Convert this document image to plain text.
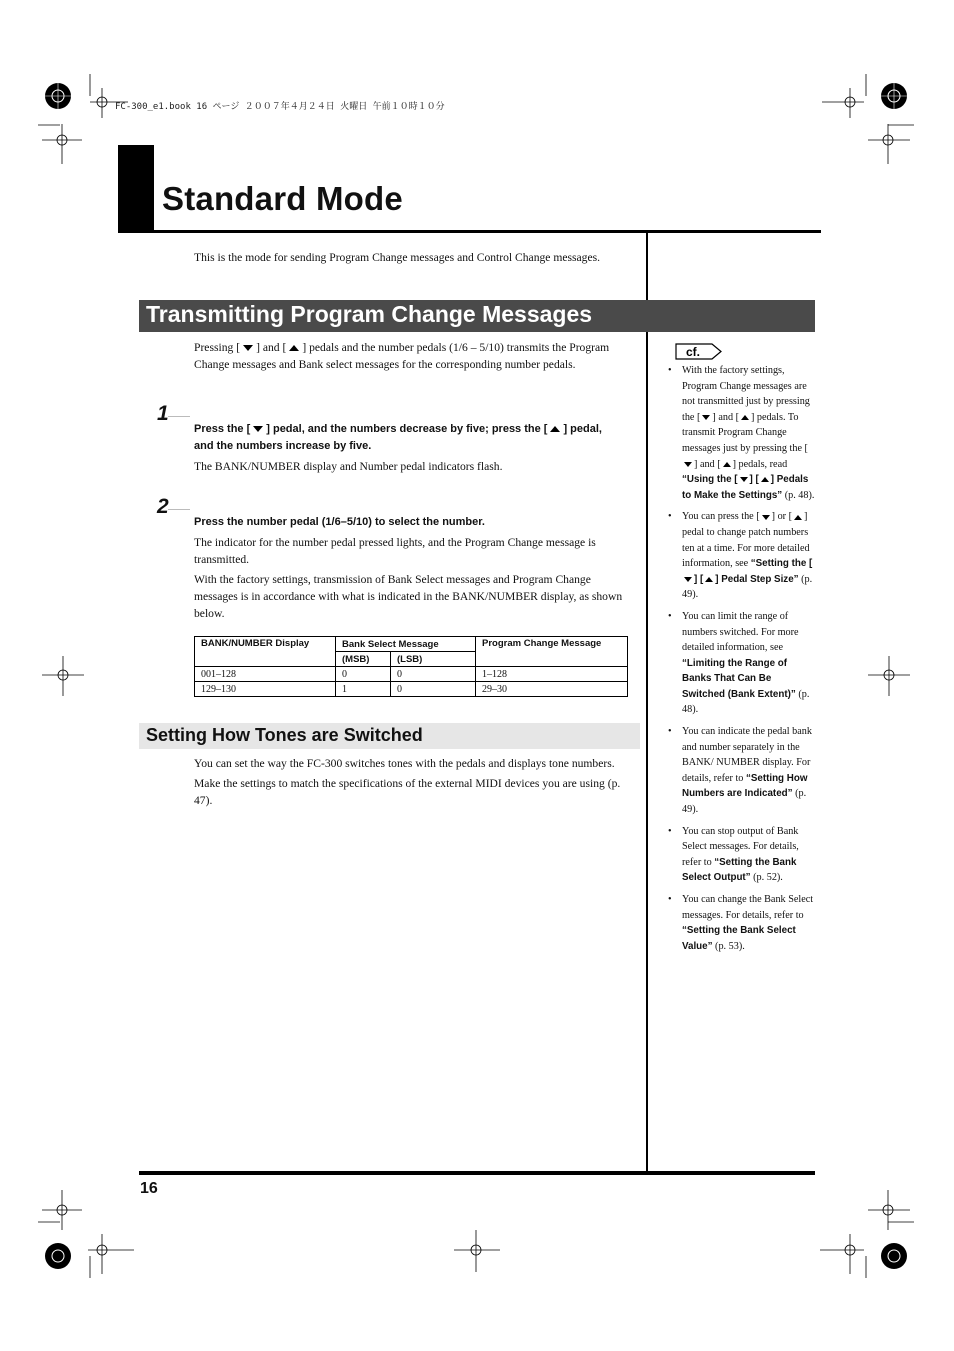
FC-300_e1.book 16 ページ ２００７年４月２４日 火曜日 午前１０時１０分
Standard Mode
16

This is the mode for sending Program Change messages and Control Change messages.

Transmitting Program Change Messages

Pressing [ ] and [ ] pedals and the number pedals (1/6 – 5/10) transmits the Program Change messages and Bank select messages for the corresponding number pedals.

1

Press the [ ] pedal, and the numbers decrease by five; press the [ ] pedal, and the numbers increase by five.

The BANK/NUMBER display and Number pedal indicators flash.

2

Press the number pedal (1/6–5/10) to select the number.

The indicator for the number pedal pressed lights, and the Program Change message is transmitted.

With the factory settings, transmission of Bank Select messages and Program Change messages is in accordance with what is indicated in the BANK/NUMBER display, as shown below.

BANK/NUMBER Display	Bank Select Message		Program Change Message
	(MSB)	(LSB)	
001–128	0	0	1–128
129–130	1	0	29–30
Setting How Tones are Switched

You can set the way the FC-300 switches tones with the pedals and displays tone numbers.

Make the settings to match the specifications of the external MIDI devices you are using (p. 47).

cf.
• With the factory settings, Program Change messages are not transmitted just by pressing the [ ] and [ ] pedals. To transmit Program Change messages just by pressing the [] and [ ] pedals, read “Using the [ ] [ ] Pedals to Make the Settings” (p. 48).
• You can press the [ ] or [ ] pedal to change patch numbers ten at a time. For more detailed information, see “Setting the [] [ ] Pedal Step Size” (p. 49).
• You can limit the range of numbers switched. For more detailed information, see “Limiting the Range of Banks That Can Be Switched (Bank Extent)” (p. 48).
• You can indicate the pedal bank and number separately in the BANK/ NUMBER display. For details, refer to “Setting How Numbers are Indicated” (p. 49).
• You can stop output of Bank Select messages. For details, refer to “Setting the Bank Select Output” (p. 52).
• You can change the Bank Select messages. For details, refer to “Setting the Bank Select Value” (p. 53).
